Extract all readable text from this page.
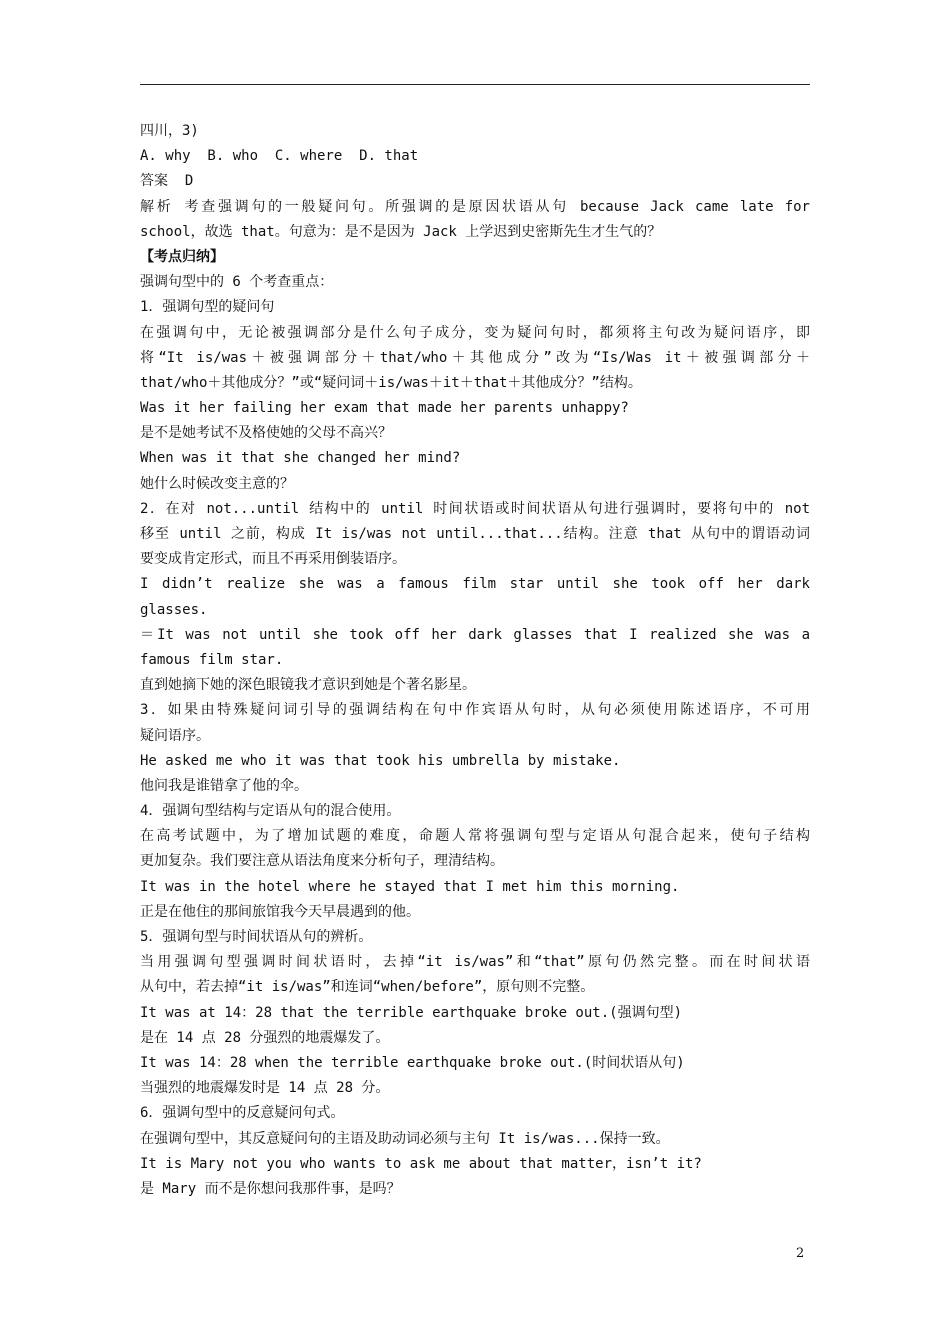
四川，3)
A. why  B. who  C. where  D. that
答案  D
解析 考查强调句的一般疑问句。所强调的是原因状语从句 because Jack came late for
school，故选 that。句意为：是不是因为 Jack 上学迟到史密斯先生才生气的？
【考点归纳】
强调句型中的 6 个考查重点：
1．强调句型的疑问句
在强调句中，无论被强调部分是什么句子成分，变为疑问句时，都须将主句改为疑问语序，即
将“It is/was＋被强调部分＋that/who＋其他成分”改为“Is/Was it＋被强调部分＋
that/who＋其他成分？”或“疑问词＋is/was＋it＋that＋其他成分？”结构。
Was it her failing her exam that made her parents unhappy?
是不是她考试不及格使她的父母不高兴？
When was it that she changed her mind?
她什么时候改变主意的？
2．在对 not...until 结构中的 until 时间状语或时间状语从句进行强调时，要将句中的 not
移至 until 之前，构成 It is/was not until...that...结构。注意 that 从句中的谓语动词
要变成肯定形式，而且不再采用倒装语序。
I didn’t realize she was a famous film star until she took off her dark
glasses.
＝It was not until she took off her dark glasses that I realized she was a
famous film star.
直到她摘下她的深色眼镜我才意识到她是个著名影星。
3．如果由特殊疑问词引导的强调结构在句中作宾语从句时，从句必须使用陈述语序，不可用
疑问语序。
He asked me who it was that took his umbrella by mistake.
他问我是谁错拿了他的伞。
4．强调句型结构与定语从句的混合使用。
在高考试题中，为了增加试题的难度，命题人常将强调句型与定语从句混合起来，使句子结构
更加复杂。我们要注意从语法角度来分析句子，理清结构。
It was in the hotel where he stayed that I met him this morning.
正是在他住的那间旅馆我今天早晨遇到的他。
5．强调句型与时间状语从句的辨析。
当用强调句型强调时间状语时，去掉“it is/was”和“that”原句仍然完整。而在时间状语
从句中，若去掉“it is/was”和连词“when/before”，原句则不完整。
It was at 14：28 that the terrible earthquake broke out.(强调句型)
是在 14 点 28 分强烈的地震爆发了。
It was 14：28 when the terrible earthquake broke out.(时间状语从句)
当强烈的地震爆发时是 14 点 28 分。
6．强调句型中的反意疑问句式。
在强调句型中，其反意疑问句的主语及助动词必须与主句 It is/was...保持一致。
It is Mary not you who wants to ask me about that matter，isn’t it?
是 Mary 而不是你想问我那件事，是吗？
2
